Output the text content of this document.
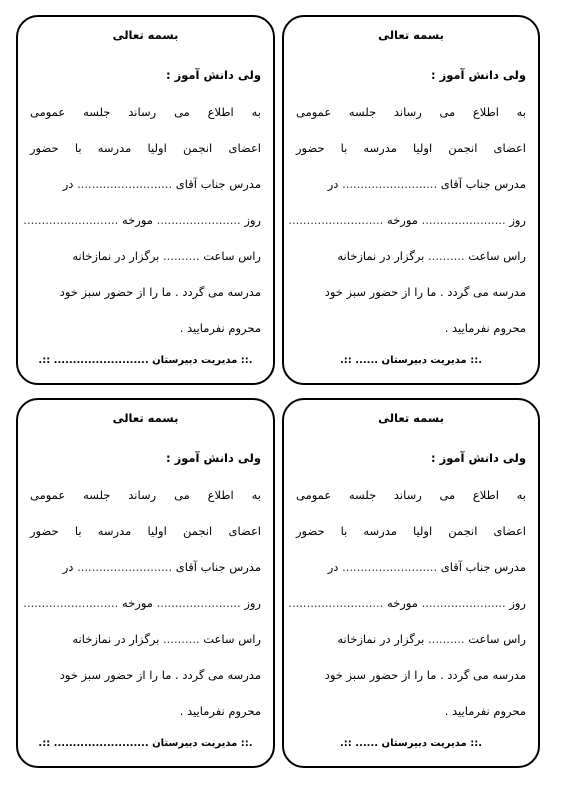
بسمه تعالی
ولی دانش آموز :
به اطلاع می رساند جلسه عمومی
اعضای انجمن اولیا مدرسه با حضور
مدرس جناب آقای .......................... در
روز ....................... مورخه ..........................
راس ساعت .......... برگزار در نمازخانه
مدرسه می گردد . ما را از حضور سبز خود
محروم نفرمایید .
.:: مدیریت دبیرستان ...... ::.
بسمه تعالی
ولی دانش آموز :
به اطلاع می رساند جلسه عمومی
اعضای انجمن اولیا مدرسه با حضور
مدرس جناب آقای .......................... در
روز ....................... مورخه ..........................
راس ساعت .......... برگزار در نمازخانه
مدرسه می گردد . ما را از حضور سبز خود
محروم نفرمایید .
.:: مدیریت دبیرستان ......................... ::.
بسمه تعالی
ولی دانش آموز :
به اطلاع می رساند جلسه عمومی
اعضای انجمن اولیا مدرسه با حضور
مدرس جناب آقای .......................... در
روز ....................... مورخه ..........................
راس ساعت .......... برگزار در نمازخانه
مدرسه می گردد . ما را از حضور سبز خود
محروم نفرمایید .
.:: مدیریت دبیرستان ...... ::.
بسمه تعالی
ولی دانش آموز :
به اطلاع می رساند جلسه عمومی
اعضای انجمن اولیا مدرسه با حضور
مدرس جناب آقای .......................... در
روز ....................... مورخه ..........................
راس ساعت .......... برگزار در نمازخانه
مدرسه می گردد . ما را از حضور سبز خود
محروم نفرمایید .
.:: مدیریت دبیرستان ......................... ::.
